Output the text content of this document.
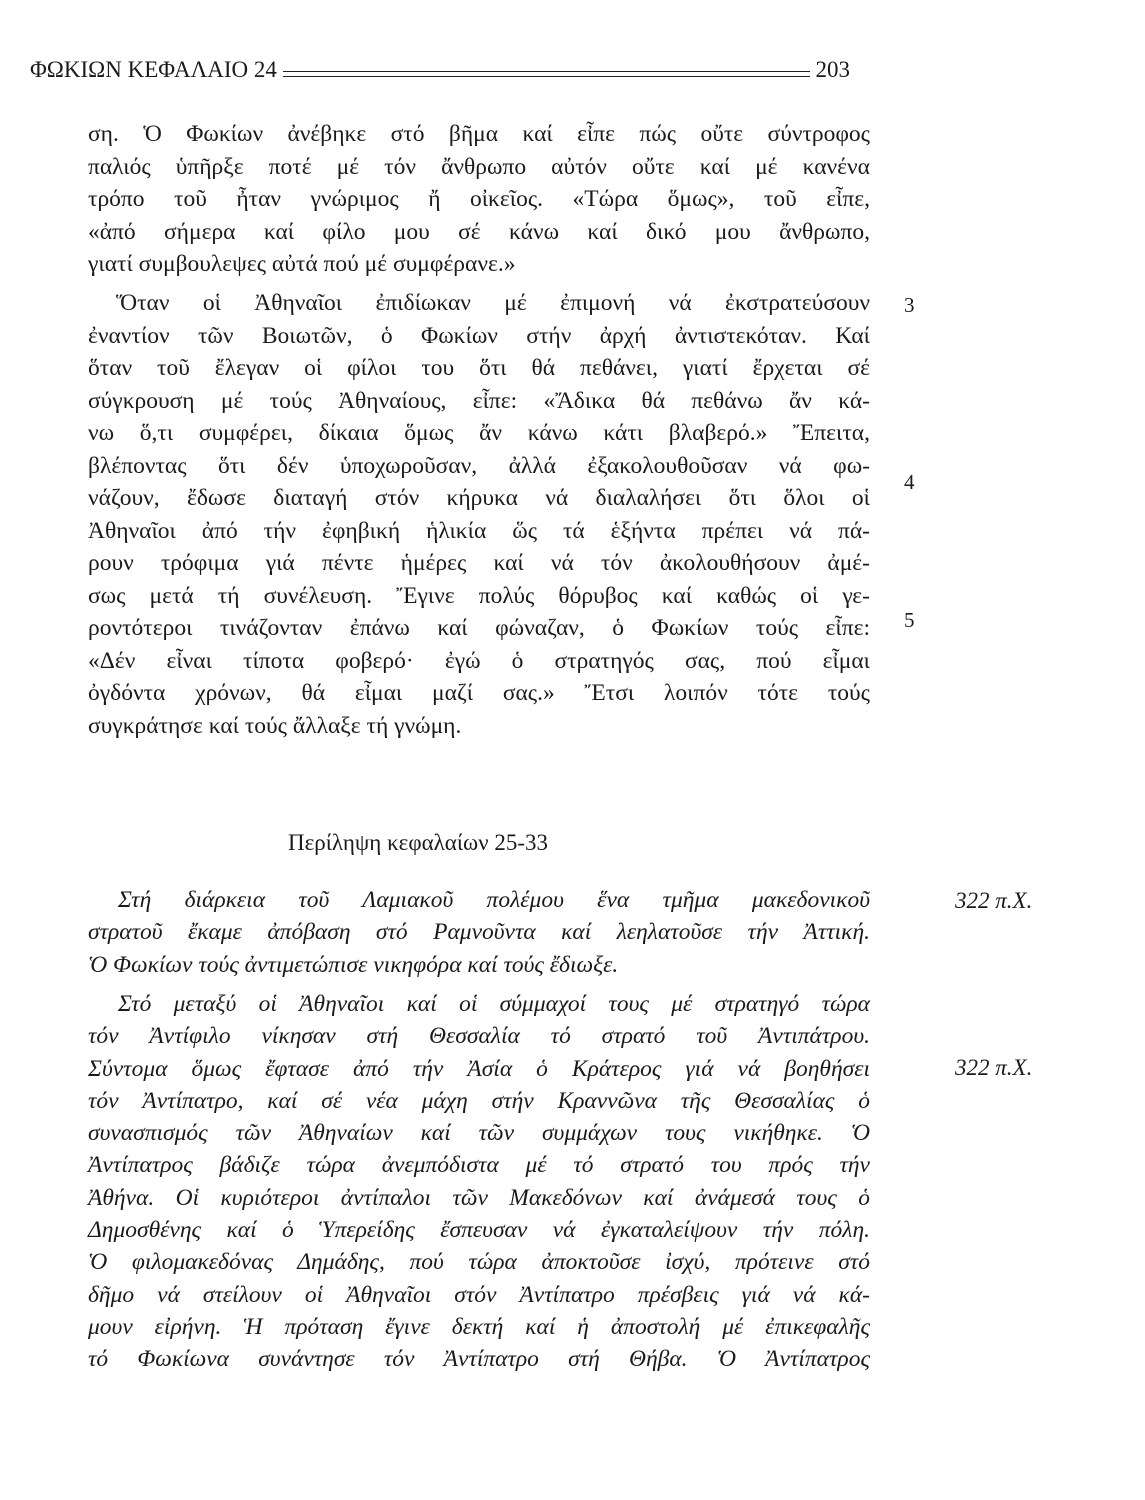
ΦΩΚΙΩΝ ΚΕΦΑΛΑΙΟ 24	203
ση. Ὁ Φωκίων ἀνέβηκε στό βῆμα καί εἶπε πώς οὔτε σύντροφος
παλιός ὑπῆρξε ποτέ μέ τόν ἄνθρωπο αὐτόν οὔτε καί μέ κανένα
τρόπο τοῦ ἦταν γνώριμος ἤ οἰκεῖος. «Τώρα ὅμως», τοῦ εἶπε,
«ἀπό σήμερα καί φίλο μου σέ κάνω καί δικό μου ἄνθρωπο,
γιατί συμβουλεψες αὐτά πού μέ συμφέρανε.»
Ὅταν οἱ Ἀθηναῖοι ἐπιδίωκαν μέ ἐπιμονή νά ἐκστρατεύσουν
ἐναντίον τῶν Βοιωτῶν, ὁ Φωκίων στήν ἀρχή ἀντιστεκόταν. Καί
ὅταν τοῦ ἔλεγαν οἱ φίλοι του ὅτι θά πεθάνει, γιατί ἔρχεται σέ
σύγκρουση μέ τούς Ἀθηναίους, εἶπε: «Ἄδικα θά πεθάνω ἄν κά-
νω ὅ,τι συμφέρει, δίκαια ὅμως ἄν κάνω κάτι βλαβερό.» Ἔπειτα,
βλέποντας ὅτι δέν ὑποχωροῦσαν, ἀλλά ἐξακολουθοῦσαν νά φω-
νάζουν, ἔδωσε διαταγή στόν κήρυκα νά διαλαλήσει ὅτι ὅλοι οἱ
Ἀθηναῖοι ἀπό τήν ἐφηβική ἡλικία ὥς τά ἑξήντα πρέπει νά πά-
ρουν τρόφιμα γιά πέντε ἡμέρες καί νά τόν ἀκολουθήσουν ἀμέ-
σως μετά τή συνέλευση. Ἔγινε πολύς θόρυβος καί καθώς οἱ γε-
ροντότεροι τινάζονταν ἐπάνω καί φώναζαν, ὁ Φωκίων τούς εἶπε:
«Δέν εἶναι τίποτα φοβερό· ἐγώ ὁ στρατηγός σας, πού εἶμαι
ὀγδόντα χρόνων, θά εἶμαι μαζί σας.» Ἔτσι λοιπόν τότε τούς
συγκράτησε καί τούς ἄλλαξε τή γνώμη.
3
4
5
Περίληψη κεφαλαίων 25-33
Στή διάρκεια τοῦ Λαμιακοῦ πολέμου ἕνα τμῆμα μακεδονικοῦ
στρατοῦ ἔκαμε ἀπόβαση στό Ραμνοῦντα καί λεηλατοῦσε τήν Ἀττική.
Ὁ Φωκίων τούς ἀντιμετώπισε νικηφόρα καί τούς ἔδιωξε.
Στό μεταξύ οἱ Ἀθηναῖοι καί οἱ σύμμαχοί τους μέ στρατηγό τώρα
τόν Ἀντίφιλο νίκησαν στή Θεσσαλία τό στρατό τοῦ Ἀντιπάτρου.
Σύντομα ὅμως ἔφτασε ἀπό τήν Ἀσία ὁ Κράτερος γιά νά βοηθήσει
τόν Ἀντίπατρο, καί σέ νέα μάχη στήν Κραννῶνα τῆς Θεσσαλίας ὁ
συνασπισμός τῶν Ἀθηναίων καί τῶν συμμάχων τους νικήθηκε. Ὁ
Ἀντίπατρος βάδιζε τώρα ἀνεμπόδιστα μέ τό στρατό του πρός τήν
Ἀθήνα. Οἱ κυριότεροι ἀντίπαλοι τῶν Μακεδόνων καί ἀνάμεσά τους ὁ
Δημοσθένης καί ὁ Ὑπερείδης ἔσπευσαν νά ἐγκαταλείψουν τήν πόλη.
Ὁ φιλομακεδόνας Δημάδης, πού τώρα ἀποκτοῦσε ἰσχύ, πρότεινε στό
δῆμο νά στείλουν οἱ Ἀθηναῖοι στόν Ἀντίπατρο πρέσβεις γιά νά κά-
μουν εἰρήνη. Ἡ πρόταση ἔγινε δεκτή καί ἡ ἀποστολή μέ ἐπικεφαλῆς
τό Φωκίωνα συνάντησε τόν Ἀντίπατρο στή Θήβα. Ὁ Ἀντίπατρος
322 π.Χ.
322 π.Χ.
